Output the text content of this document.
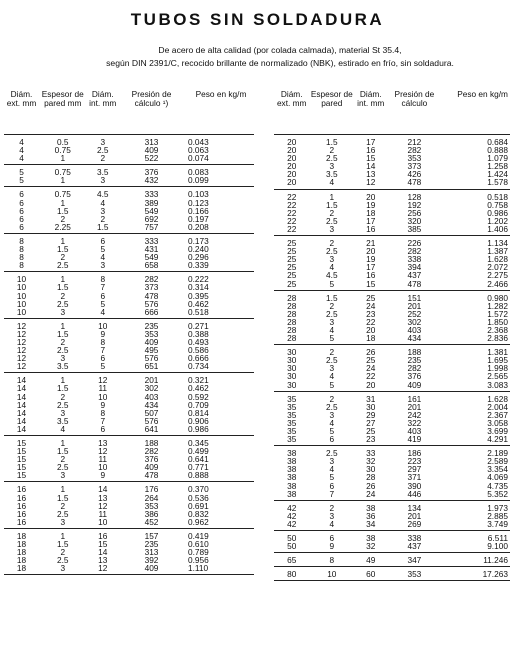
TUBOS SIN SOLDADURA
De acero de alta calidad (por colada calmada), material St 35.4,
según DIN 2391/C, recocido brillante de normalizado (NBK), estirado en frío, sin soldadura.
Diám. ext. mm
Espesor de pared mm
Diám. int. mm
Presión de cálculo ¹)
Peso en kg/m
4	0.5	3	313	0.043
4	0.75	2.5	409	0.063
4	1	2	522	0.074
5	0.75	3.5	376	0.083
5	1	3	432	0.099
6	0.75	4.5	333	0.103
6	1	4	389	0.123
6	1.5	3	549	0.166
6	2	2	692	0.197
6	2.25	1.5	757	0.208
8	1	6	333	0.173
8	1.5	5	431	0.240
8	2	4	549	0.296
8	2.5	3	658	0.339
10	1	8	282	0.222
10	1.5	7	373	0.314
10	2	6	478	0.395
10	2.5	5	576	0.462
10	3	4	666	0.518
12	1	10	235	0.271
12	1.5	9	353	0.388
12	2	8	409	0.493
12	2.5	7	495	0.586
12	3	6	576	0.666
12	3.5	5	651	0.734
14	1	12	201	0.321
14	1.5	11	302	0.462
14	2	10	403	0.592
14	2.5	9	434	0.709
14	3	8	507	0.814
14	3.5	7	576	0.906
14	4	6	641	0.986
15	1	13	188	0.345
15	1.5	12	282	0.499
15	2	11	376	0.641
15	2.5	10	409	0.771
15	3	9	478	0.888
16	1	14	176	0.370
16	1.5	13	264	0.536
16	2	12	353	0.691
16	2.5	11	386	0.832
16	3	10	452	0.962
18	1	16	157	0.419
18	1.5	15	235	0.610
18	2	14	313	0.789
18	2.5	13	392	0.956
18	3	12	409	1.110
Diám. ext. mm
Espesor de pared
Diám. int. mm
Presión de cálculo
Peso en kg/m
20	1.5	17	212	0.684
20	2	16	282	0.888
20	2.5	15	353	1.079
20	3	14	373	1.258
20	3.5	13	426	1.424
20	4	12	478	1.578
22	1	20	128	0.518
22	1.5	19	192	0.758
22	2	18	256	0.986
22	2.5	17	320	1.202
22	3	16	385	1.406
25	2	21	226	1.134
25	2.5	20	282	1.387
25	3	19	338	1.628
25	4	17	394	2.072
25	4.5	16	437	2.275
25	5	15	478	2.466
28	1.5	25	151	0.980
28	2	24	201	1.282
28	2.5	23	252	1.572
28	3	22	302	1.850
28	4	20	403	2.368
28	5	18	434	2.836
30	2	26	188	1.381
30	2.5	25	235	1.695
30	3	24	282	1.998
30	4	22	376	2.565
30	5	20	409	3.083
35	2	31	161	1.628
35	2.5	30	201	2.004
35	3	29	242	2.367
35	4	27	322	3.058
35	5	25	403	3.699
35	6	23	419	4.291
38	2.5	33	186	2.189
38	3	32	223	2.589
38	4	30	297	3.354
38	5	28	371	4.069
38	6	26	390	4.735
38	7	24	446	5.352
42	2	38	134	1.973
42	3	36	201	2.885
42	4	34	269	3.749
50	6	38	338	6.511
50	9	32	437	9.100
65	8	49	347	11.246
80	10	60	353	17.263
